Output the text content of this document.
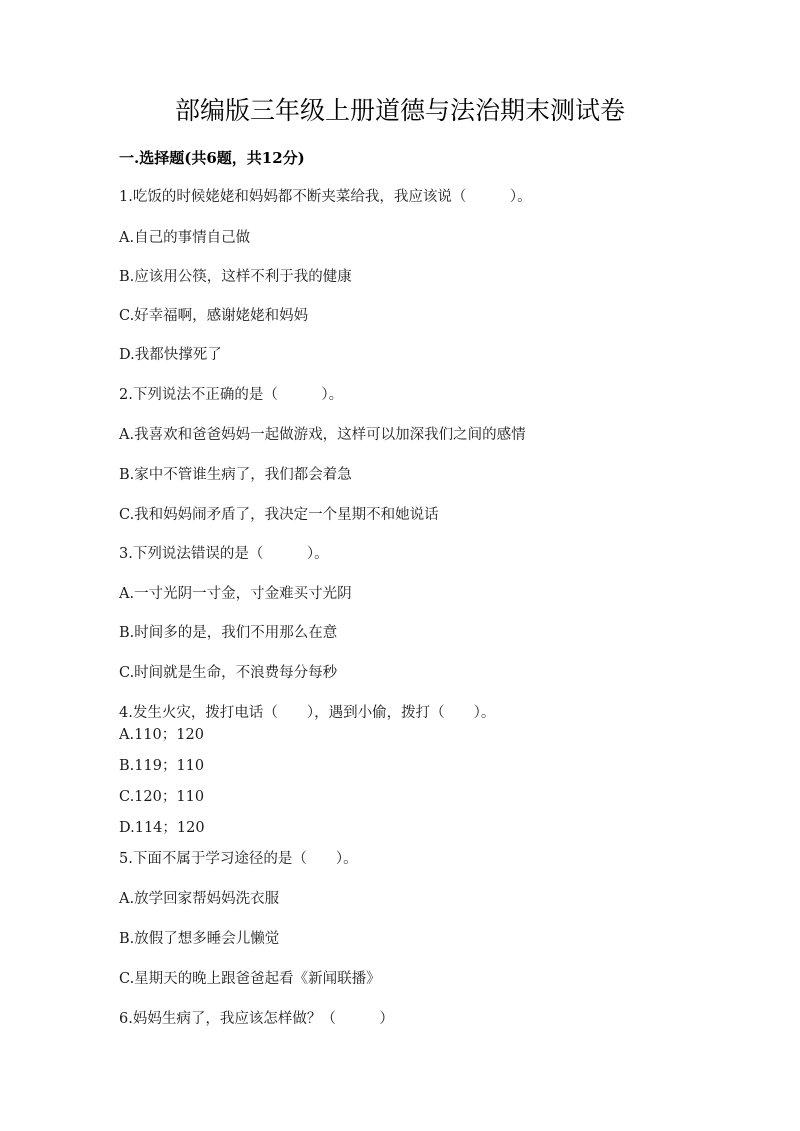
部编版三年级上册道德与法治期末测试卷
一.选择题(共6题，共12分)
1.吃饭的时候姥姥和妈妈都不断夹菜给我，我应该说（　　　）。
A.自己的事情自己做
B.应该用公筷，这样不利于我的健康
C.好幸福啊，感谢姥姥和妈妈
D.我都快撑死了
2.下列说法不正确的是（　　　）。
A.我喜欢和爸爸妈妈一起做游戏，这样可以加深我们之间的感情
B.家中不管谁生病了，我们都会着急
C.我和妈妈闹矛盾了，我决定一个星期不和她说话
3.下列说法错误的是（　　　）。
A.一寸光阴一寸金，寸金难买寸光阴
B.时间多的是，我们不用那么在意
C.时间就是生命，不浪费每分每秒
4.发生火灾，拨打电话（　　），遇到小偷，拨打（　　）。
A.110；120
B.119；110
C.120；110
D.114；120
5.下面不属于学习途径的是（　　）。
A.放学回家帮妈妈洗衣服
B.放假了想多睡会儿懒觉
C.星期天的晚上跟爸爸起看《新闻联播》
6.妈妈生病了，我应该怎样做？（　　　）
